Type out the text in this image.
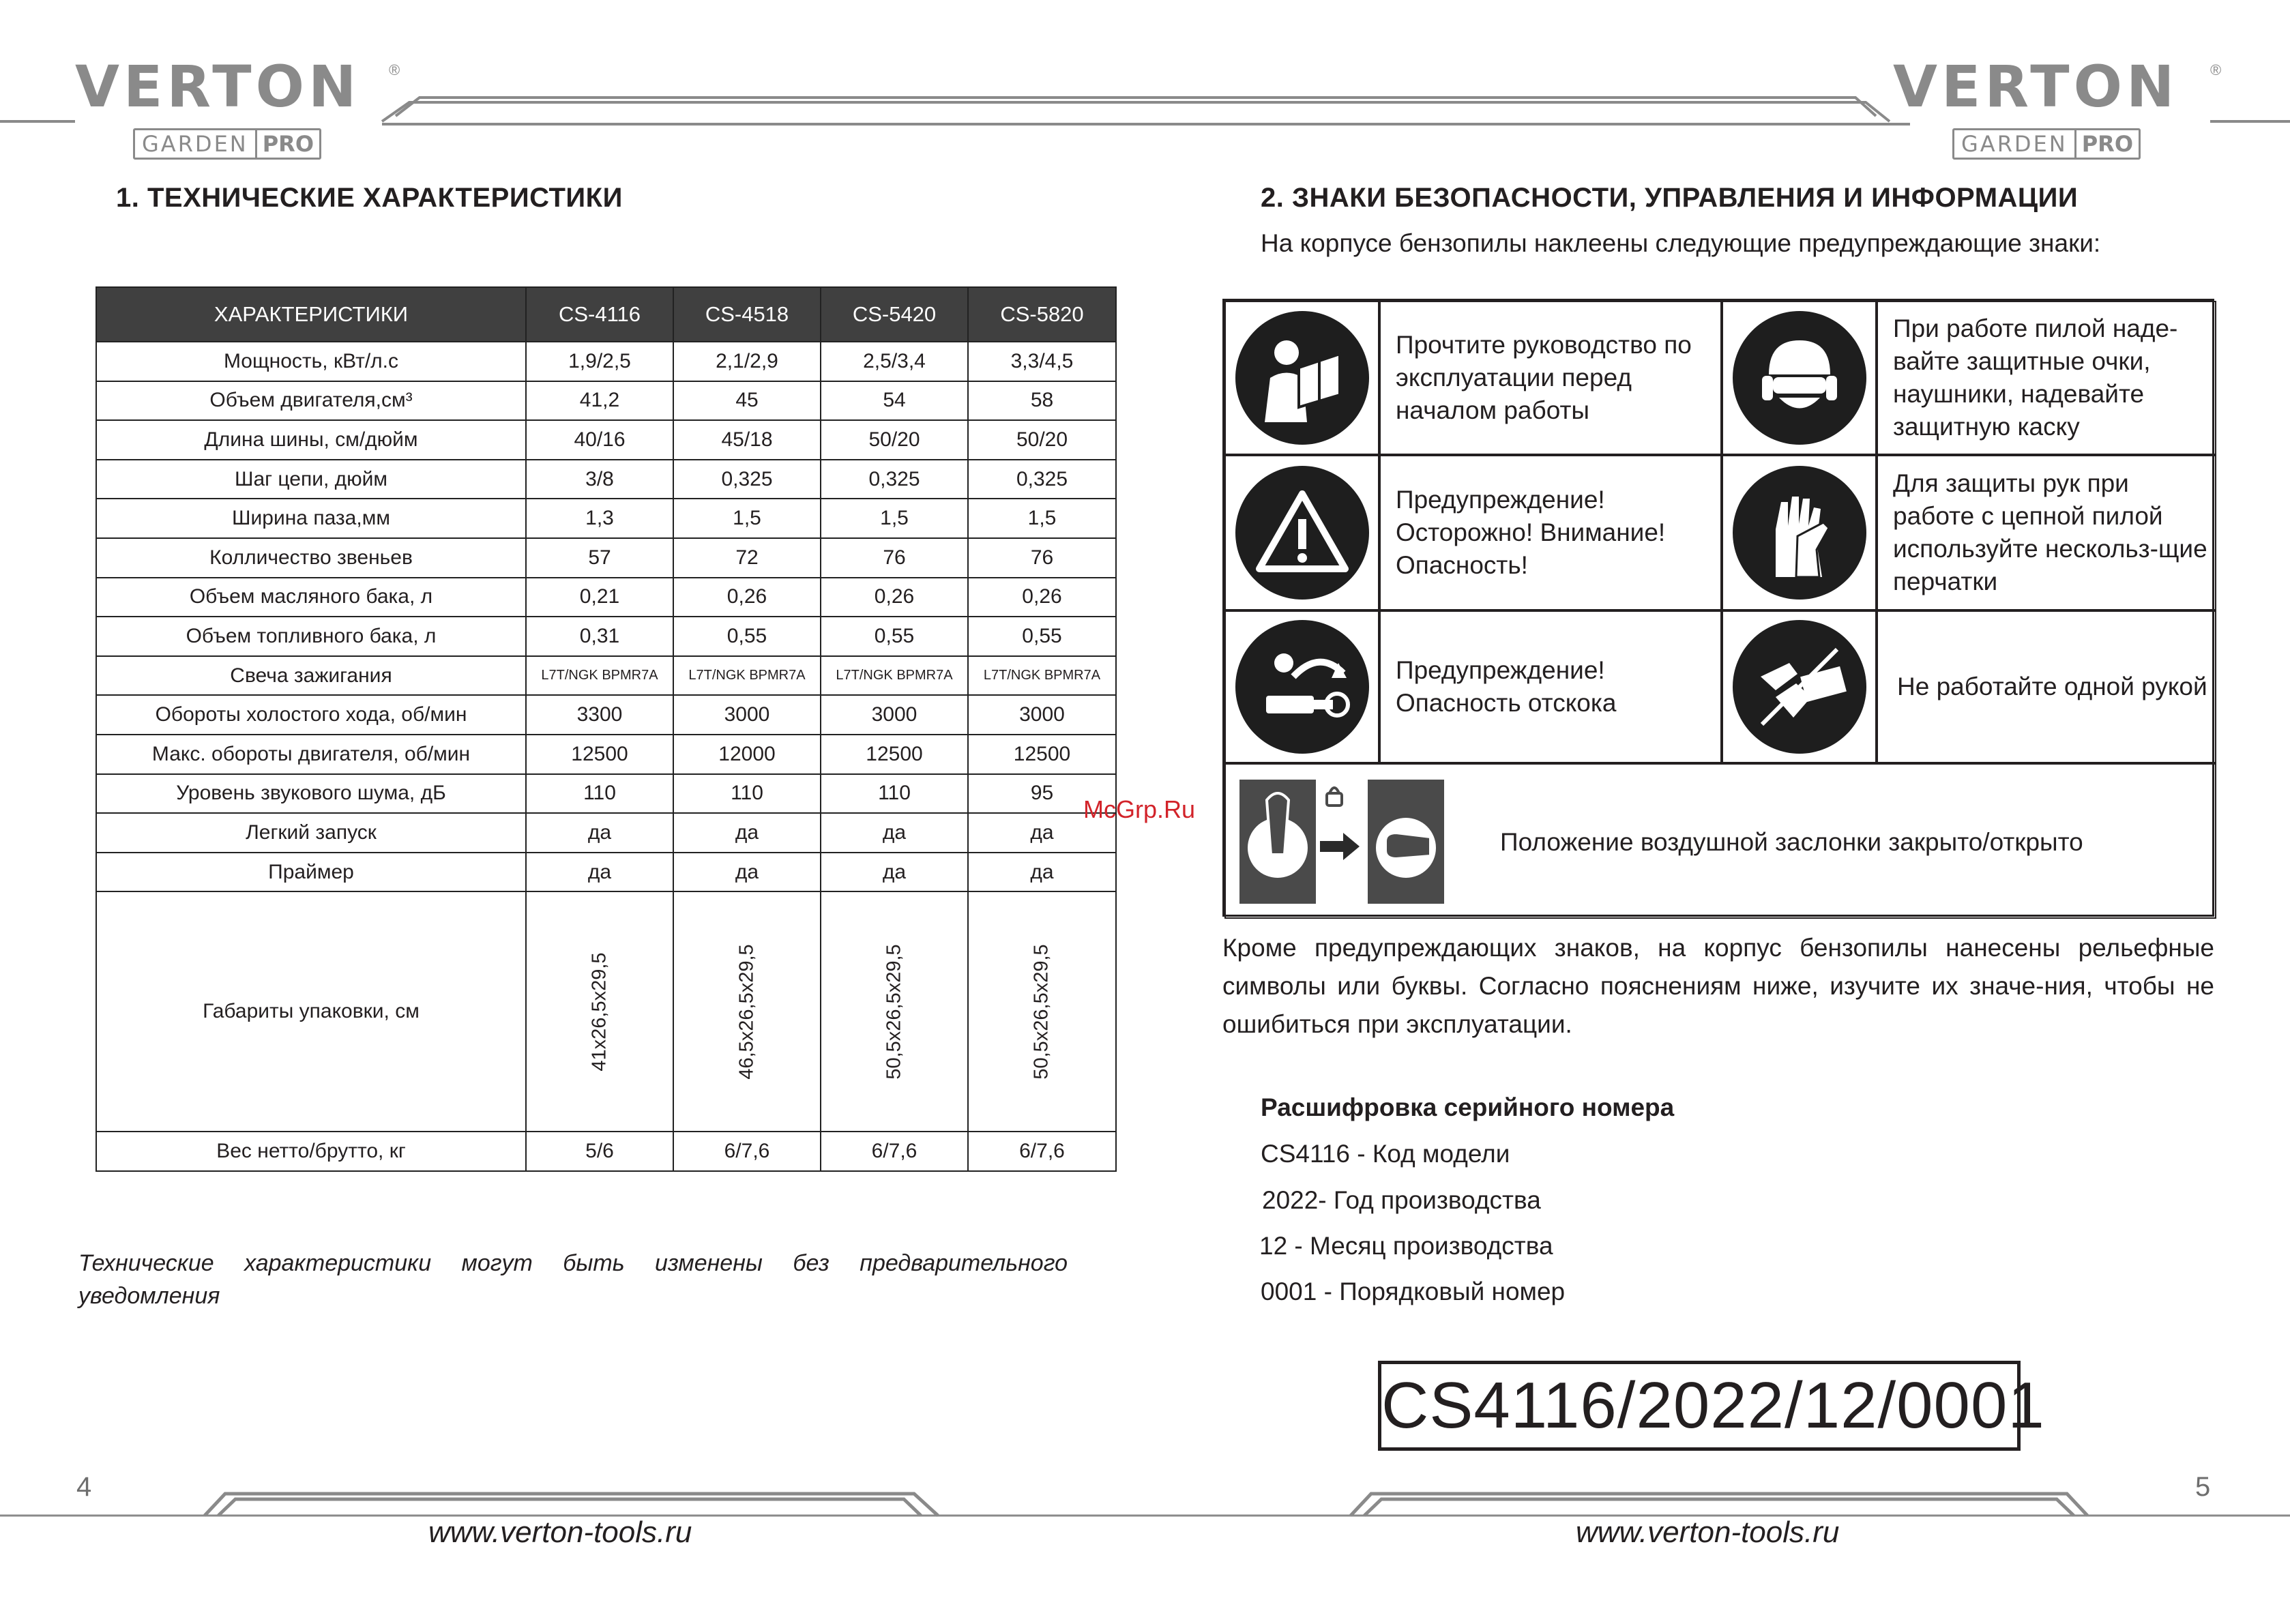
VERTON ®
GARDEN PRO
VERTON ®
GARDEN PRO
1. ТЕХНИЧЕСКИЕ ХАРАКТЕРИСТИКИ
ХАРАКТЕРИСТИКИ	CS-4116	CS-4518	CS-5420	CS-5820
Мощность, кВт/л.с	1,9/2,5	2,1/2,9	2,5/3,4	3,3/4,5
Объем двигателя,см³	41,2	45	54	58
Длина шины, см/дюйм	40/16	45/18	50/20	50/20
Шаг цепи, дюйм	3/8	0,325	0,325	0,325
Ширина паза,мм	1,3	1,5	1,5	1,5
Колличество звеньев	57	72	76	76
Объем масляного бака, л	0,21	0,26	0,26	0,26
Объем топливного бака, л	0,31	0,55	0,55	0,55
Свеча зажигания	L7T/NGK BPMR7A	L7T/NGK BPMR7A	L7T/NGK BPMR7A	L7T/NGK BPMR7A
Обороты холостого хода, об/мин	3300	3000	3000	3000
Макс. обороты двигателя, об/мин	12500	12000	12500	12500
Уровень звукового шума, дБ	110	110	110	95
Легкий запуск	да	да	да	да
Праймер	да	да	да	да
Габариты упаковки, см	41x26,5x29,5	46,5x26,5x29,5	50,5x26,5x29,5	50,5x26,5x29,5
Вес нетто/брутто, кг	5/6	6/7,6	6/7,6	6/7,6
Технические характеристики могут быть изменены без предварительного уведомления
2. ЗНАКИ БЕЗОПАСНОСТИ, УПРАВЛЕНИЯ И ИНФОРМАЦИИ
На корпусе бензопилы наклеены следующие предупреждающие знаки:
Прочтите руководство по эксплуатации перед началом работы
При работе пилой наде-вайте защитные очки, наушники, надевайте защитную каску
Предупреждение! Осторожно! Внимание! Опасность!
Для защиты рук при работе с цепной пилой используйте нескольз-щие перчатки
Предупреждение! Опасность отскока
Не работайте одной рукой
Положение воздушной заслонки закрыто/открыто
Кроме предупреждающих знаков, на корпус бензопилы нанесены рельефные символы или буквы. Согласно пояснениям ниже, изучите их значе-ния, чтобы не ошибиться при эксплуатации.
Расшифровка серийного номера
CS4116 - Код модели
2022- Год производства
12 - Месяц производства
0001 - Порядковый номер
CS4116/2022/12/0001
McGrp.Ru
4	5
www.verton-tools.ru	www.verton-tools.ru
